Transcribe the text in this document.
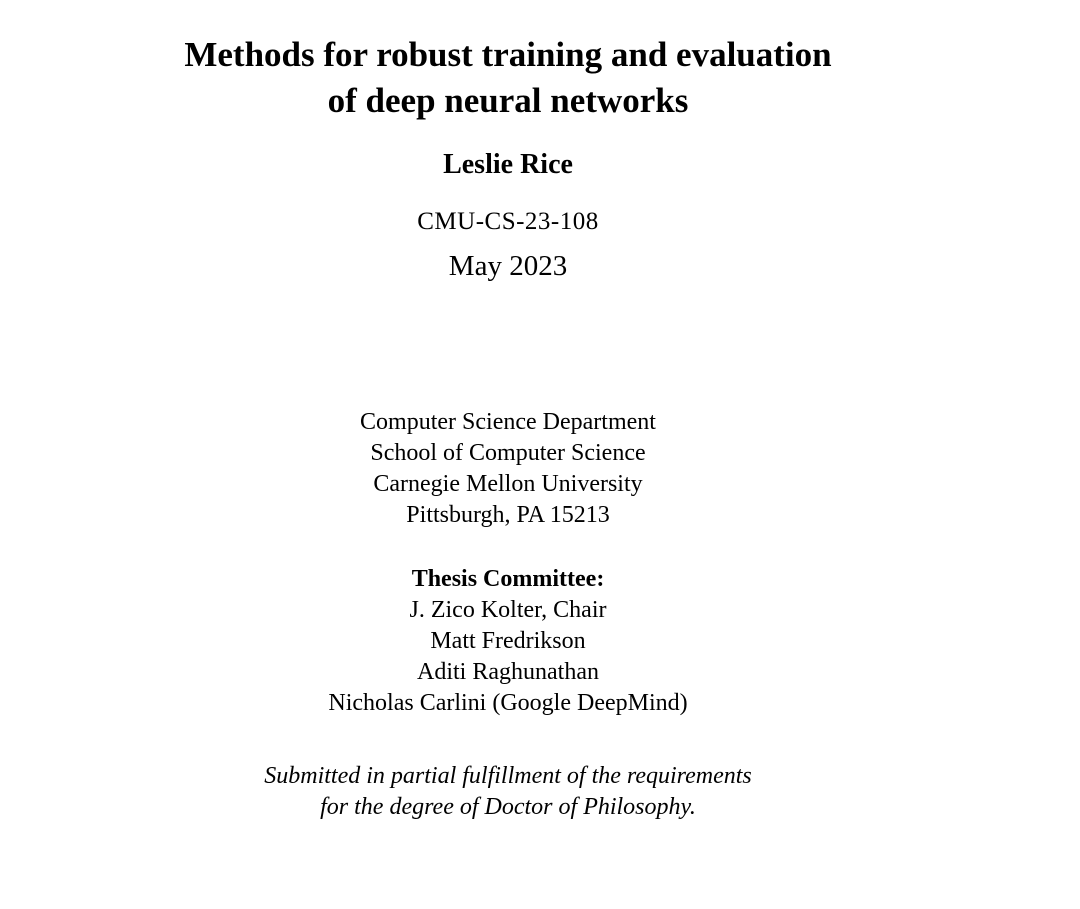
Methods for robust training and evaluation
of deep neural networks
Leslie Rice
CMU-CS-23-108
May 2023
Computer Science Department
School of Computer Science
Carnegie Mellon University
Pittsburgh, PA 15213
Thesis Committee:
J. Zico Kolter, Chair
Matt Fredrikson
Aditi Raghunathan
Nicholas Carlini (Google DeepMind)
Submitted in partial fulfillment of the requirements
for the degree of Doctor of Philosophy.
